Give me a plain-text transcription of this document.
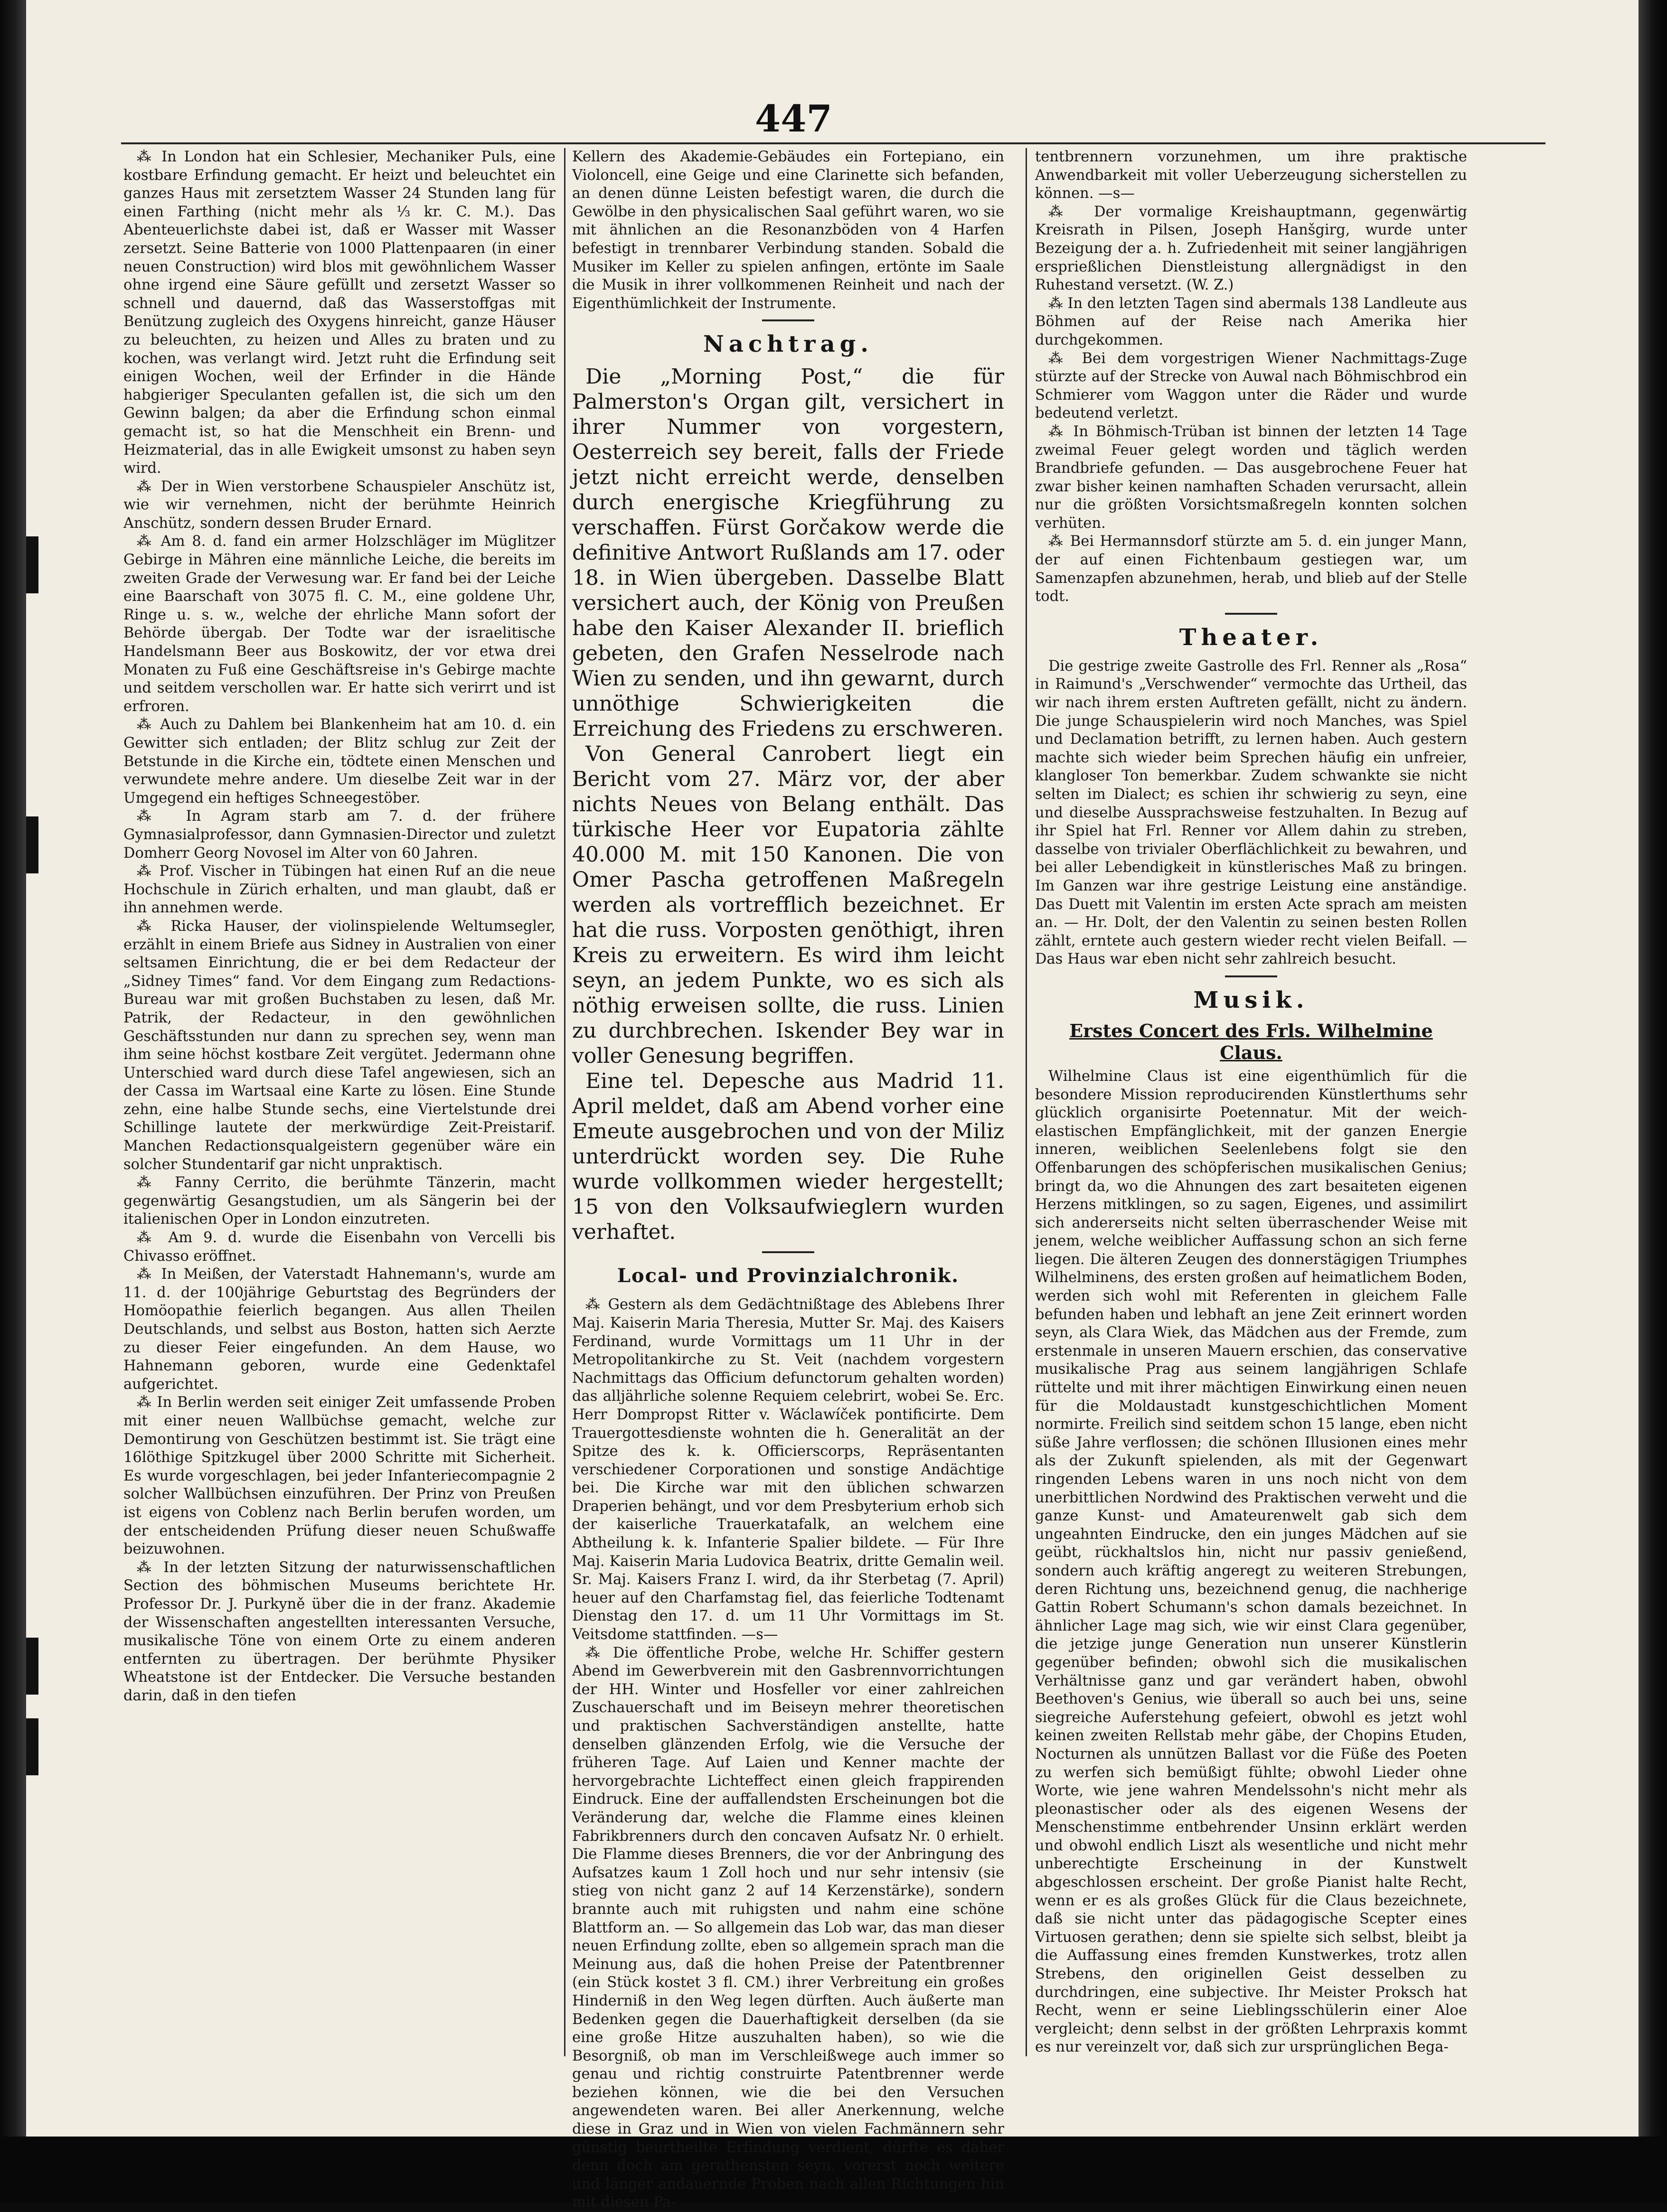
447

⁂ In London hat ein Schlesier, Mechaniker Puls, eine kostbare Erfindung gemacht. Er heizt und beleuchtet ein ganzes Haus mit zersetztem Wasser 24 Stunden lang für einen Farthing (nicht mehr als ⅓ kr. C. M.). Das Abenteuerlichste dabei ist, daß er Wasser mit Wasser zersetzt. Seine Batterie von 1000 Plattenpaaren (in einer neuen Construction) wird blos mit gewöhnlichem Wasser ohne irgend eine Säure gefüllt und zersetzt Wasser so schnell und dauernd, daß das Wasserstoffgas mit Benützung zugleich des Oxygens hinreicht, ganze Häuser zu beleuchten, zu heizen und Alles zu braten und zu kochen, was verlangt wird. Jetzt ruht die Erfindung seit einigen Wochen, weil der Erfinder in die Hände habgieriger Speculanten gefallen ist, die sich um den Gewinn balgen; da aber die Erfindung schon einmal gemacht ist, so hat die Menschheit ein Brenn- und Heizmaterial, das in alle Ewigkeit umsonst zu haben seyn wird.

⁂ Der in Wien verstorbene Schauspieler Anschütz ist, wie wir vernehmen, nicht der berühmte Heinrich Anschütz, sondern dessen Bruder Ernard.

⁂ Am 8. d. fand ein armer Holzschläger im Müglitzer Gebirge in Mähren eine männliche Leiche, die bereits im zweiten Grade der Verwesung war. Er fand bei der Leiche eine Baarschaft von 3075 fl. C. M., eine goldene Uhr, Ringe u. s. w., welche der ehrliche Mann sofort der Behörde übergab. Der Todte war der israelitische Handelsmann Beer aus Boskowitz, der vor etwa drei Monaten zu Fuß eine Geschäftsreise in's Gebirge machte und seitdem verschollen war. Er hatte sich verirrt und ist erfroren.

⁂ Auch zu Dahlem bei Blankenheim hat am 10. d. ein Gewitter sich entladen; der Blitz schlug zur Zeit der Betstunde in die Kirche ein, tödtete einen Menschen und verwundete mehre andere. Um dieselbe Zeit war in der Umgegend ein heftiges Schneegestöber.

⁂ In Agram starb am 7. d. der frühere Gymnasialprofessor, dann Gymnasien-Director und zuletzt Domherr Georg Novosel im Alter von 60 Jahren.

⁂ Prof. Vischer in Tübingen hat einen Ruf an die neue Hochschule in Zürich erhalten, und man glaubt, daß er ihn annehmen werde.

⁂ Ricka Hauser, der violinspielende Weltumsegler, erzählt in einem Briefe aus Sidney in Australien von einer seltsamen Einrichtung, die er bei dem Redacteur der „Sidney Times“ fand. Vor dem Eingang zum Redactions-Bureau war mit großen Buchstaben zu lesen, daß Mr. Patrik, der Redacteur, in den gewöhnlichen Geschäftsstunden nur dann zu sprechen sey, wenn man ihm seine höchst kostbare Zeit vergütet. Jedermann ohne Unterschied ward durch diese Tafel angewiesen, sich an der Cassa im Wartsaal eine Karte zu lösen. Eine Stunde zehn, eine halbe Stunde sechs, eine Viertelstunde drei Schillinge lautete der merkwürdige Zeit-Preistarif. Manchen Redactionsqualgeistern gegenüber wäre ein solcher Stundentarif gar nicht unpraktisch.

⁂ Fanny Cerrito, die berühmte Tänzerin, macht gegenwärtig Gesangstudien, um als Sängerin bei der italienischen Oper in London einzutreten.

⁂ Am 9. d. wurde die Eisenbahn von Vercelli bis Chivasso eröffnet.

⁂ In Meißen, der Vaterstadt Hahnemann's, wurde am 11. d. der 100jährige Geburtstag des Begründers der Homöopathie feierlich begangen. Aus allen Theilen Deutschlands, und selbst aus Boston, hatten sich Aerzte zu dieser Feier eingefunden. An dem Hause, wo Hahnemann geboren, wurde eine Gedenktafel aufgerichtet.

⁂ In Berlin werden seit einiger Zeit umfassende Proben mit einer neuen Wallbüchse gemacht, welche zur Demontirung von Geschützen bestimmt ist. Sie trägt eine 16löthige Spitzkugel über 2000 Schritte mit Sicherheit. Es wurde vorgeschlagen, bei jeder Infanteriecompagnie 2 solcher Wallbüchsen einzuführen. Der Prinz von Preußen ist eigens von Coblenz nach Berlin berufen worden, um der entscheidenden Prüfung dieser neuen Schußwaffe beizuwohnen.

⁂ In der letzten Sitzung der naturwissenschaftlichen Section des böhmischen Museums berichtete Hr. Professor Dr. J. Purkyně über die in der franz. Akademie der Wissenschaften angestellten interessanten Versuche, musikalische Töne von einem Orte zu einem anderen entfernten zu übertragen. Der berühmte Physiker Wheatstone ist der Entdecker. Die Versuche bestanden darin, daß in den tiefen

Kellern des Akademie-Gebäudes ein Fortepiano, ein Violoncell, eine Geige und eine Clarinette sich befanden, an denen dünne Leisten befestigt waren, die durch die Gewölbe in den physicalischen Saal geführt waren, wo sie mit ähnlichen an die Resonanzböden von 4 Harfen befestigt in trennbarer Verbindung standen. Sobald die Musiker im Keller zu spielen anfingen, ertönte im Saale die Musik in ihrer vollkommenen Reinheit und nach der Eigenthümlichkeit der Instrumente.

Nachtrag.

Die „Morning Post,“ die für Palmerston's Organ gilt, versichert in ihrer Nummer von vorgestern, Oesterreich sey bereit, falls der Friede jetzt nicht erreicht werde, denselben durch energische Kriegführung zu verschaffen. Fürst Gorčakow werde die definitive Antwort Rußlands am 17. oder 18. in Wien übergeben. Dasselbe Blatt versichert auch, der König von Preußen habe den Kaiser Alexander II. brieflich gebeten, den Grafen Nesselrode nach Wien zu senden, und ihn gewarnt, durch unnöthige Schwierigkeiten die Erreichung des Friedens zu erschweren.

Von General Canrobert liegt ein Bericht vom 27. März vor, der aber nichts Neues von Belang enthält. Das türkische Heer vor Eupatoria zählte 40.000 M. mit 150 Kanonen. Die von Omer Pascha getroffenen Maßregeln werden als vortrefflich bezeichnet. Er hat die russ. Vorposten genöthigt, ihren Kreis zu erweitern. Es wird ihm leicht seyn, an jedem Punkte, wo es sich als nöthig erweisen sollte, die russ. Linien zu durchbrechen. Iskender Bey war in voller Genesung begriffen.

Eine tel. Depesche aus Madrid 11. April meldet, daß am Abend vorher eine Emeute ausgebrochen und von der Miliz unterdrückt worden sey. Die Ruhe wurde vollkommen wieder hergestellt; 15 von den Volksaufwieglern wurden verhaftet.

Local- und Provinzialchronik.

⁂ Gestern als dem Gedächtnißtage des Ablebens Ihrer Maj. Kaiserin Maria Theresia, Mutter Sr. Maj. des Kaisers Ferdinand, wurde Vormittags um 11 Uhr in der Metropolitankirche zu St. Veit (nachdem vorgestern Nachmittags das Officium defunctorum gehalten worden) das alljährliche solenne Requiem celebrirt, wobei Se. Erc. Herr Dompropst Ritter v. Wáclawíček pontificirte. Dem Trauergottesdienste wohnten die h. Generalität an der Spitze des k. k. Officierscorps, Repräsentanten verschiedener Corporationen und sonstige Andächtige bei. Die Kirche war mit den üblichen schwarzen Draperien behängt, und vor dem Presbyterium erhob sich der kaiserliche Trauerkatafalk, an welchem eine Abtheilung k. k. Infanterie Spalier bildete. — Für Ihre Maj. Kaiserin Maria Ludovica Beatrix, dritte Gemalin weil. Sr. Maj. Kaisers Franz I. wird, da ihr Sterbetag (7. April) heuer auf den Charfamstag fiel, das feierliche Todtenamt Dienstag den 17. d. um 11 Uhr Vormittags im St. Veitsdome stattfinden. —s—

⁂ Die öffentliche Probe, welche Hr. Schiffer gestern Abend im Gewerbverein mit den Gasbrennvorrichtungen der HH. Winter und Hosfeller vor einer zahlreichen Zuschauerschaft und im Beiseyn mehrer theoretischen und praktischen Sachverständigen anstellte, hatte denselben glänzenden Erfolg, wie die Versuche der früheren Tage. Auf Laien und Kenner machte der hervorgebrachte Lichteffect einen gleich frappirenden Eindruck. Eine der auffallendsten Erscheinungen bot die Veränderung dar, welche die Flamme eines kleinen Fabrikbrenners durch den concaven Aufsatz Nr. 0 erhielt. Die Flamme dieses Brenners, die vor der Anbringung des Aufsatzes kaum 1 Zoll hoch und nur sehr intensiv (sie stieg von nicht ganz 2 auf 14 Kerzenstärke), sondern brannte auch mit ruhigsten und nahm eine schöne Blattform an. — So allgemein das Lob war, das man dieser neuen Erfindung zollte, eben so allgemein sprach man die Meinung aus, daß die hohen Preise der Patentbrenner (ein Stück kostet 3 fl. CM.) ihrer Verbreitung ein großes Hinderniß in den Weg legen dürften. Auch äußerte man Bedenken gegen die Dauerhaftigkeit derselben (da sie eine große Hitze auszuhalten haben), so wie die Besorgniß, ob man im Verschleißwege auch immer so genau und richtig construirte Patentbrenner werde beziehen können, wie die bei den Versuchen angewendeten waren. Bei aller Anerkennung, welche diese in Graz und in Wien von vielen Fachmännern sehr günstig beurtheilte Erfindung verdient, dürfte es daher denn doch am gerathensten seyn, vorerst noch weitere und länger andauernde Proben nach allen Richtungen hin mit diesen Pa-

tentbrennern vorzunehmen, um ihre praktische Anwendbarkeit mit voller Ueberzeugung sicherstellen zu können. —s—

⁂ Der vormalige Kreishauptmann, gegenwärtig Kreisrath in Pilsen, Joseph Hanšgirg, wurde unter Bezeigung der a. h. Zufriedenheit mit seiner langjährigen ersprießlichen Dienstleistung allergnädigst in den Ruhestand versetzt. (W. Z.)

⁂ In den letzten Tagen sind abermals 138 Landleute aus Böhmen auf der Reise nach Amerika hier durchgekommen.

⁂ Bei dem vorgestrigen Wiener Nachmittags-Zuge stürzte auf der Strecke von Auwal nach Böhmischbrod ein Schmierer vom Waggon unter die Räder und wurde bedeutend verletzt.

⁂ In Böhmisch-Trüban ist binnen der letzten 14 Tage zweimal Feuer gelegt worden und täglich werden Brandbriefe gefunden. — Das ausgebrochene Feuer hat zwar bisher keinen namhaften Schaden verursacht, allein nur die größten Vorsichtsmaßregeln konnten solchen verhüten.

⁂ Bei Hermannsdorf stürzte am 5. d. ein junger Mann, der auf einen Fichtenbaum gestiegen war, um Samenzapfen abzunehmen, herab, und blieb auf der Stelle todt.

Theater.

Die gestrige zweite Gastrolle des Frl. Renner als „Rosa“ in Raimund's „Verschwender“ vermochte das Urtheil, das wir nach ihrem ersten Auftreten gefällt, nicht zu ändern. Die junge Schauspielerin wird noch Manches, was Spiel und Declamation betrifft, zu lernen haben. Auch gestern machte sich wieder beim Sprechen häufig ein unfreier, klangloser Ton bemerkbar. Zudem schwankte sie nicht selten im Dialect; es schien ihr schwierig zu seyn, eine und dieselbe Aussprachsweise festzuhalten. In Bezug auf ihr Spiel hat Frl. Renner vor Allem dahin zu streben, dasselbe von trivialer Oberflächlichkeit zu bewahren, und bei aller Lebendigkeit in künstlerisches Maß zu bringen. Im Ganzen war ihre gestrige Leistung eine anständige. Das Duett mit Valentin im ersten Acte sprach am meisten an. — Hr. Dolt, der den Valentin zu seinen besten Rollen zählt, erntete auch gestern wieder recht vielen Beifall. — Das Haus war eben nicht sehr zahlreich besucht.

Musik.
Erstes Concert des Frls. Wilhelmine Claus.

Wilhelmine Claus ist eine eigenthümlich für die besondere Mission reproducirenden Künstlerthums sehr glücklich organisirte Poetennatur. Mit der weich-elastischen Empfänglichkeit, mit der ganzen Energie inneren, weiblichen Seelenlebens folgt sie den Offenbarungen des schöpferischen musikalischen Genius; bringt da, wo die Ahnungen des zart besaiteten eigenen Herzens mitklingen, so zu sagen, Eigenes, und assimilirt sich andererseits nicht selten überraschender Weise mit jenem, welche weiblicher Auffassung schon an sich ferne liegen. Die älteren Zeugen des donnerstägigen Triumphes Wilhelminens, des ersten großen auf heimatlichem Boden, werden sich wohl mit Referenten in gleichem Falle befunden haben und lebhaft an jene Zeit erinnert worden seyn, als Clara Wiek, das Mädchen aus der Fremde, zum erstenmale in unseren Mauern erschien, das conservative musikalische Prag aus seinem langjährigen Schlafe rüttelte und mit ihrer mächtigen Einwirkung einen neuen für die Moldaustadt kunstgeschichtlichen Moment normirte. Freilich sind seitdem schon 15 lange, eben nicht süße Jahre verflossen; die schönen Illusionen eines mehr als der Zukunft spielenden, als mit der Gegenwart ringenden Lebens waren in uns noch nicht von dem unerbittlichen Nordwind des Praktischen verweht und die ganze Kunst- und Amateurenwelt gab sich dem ungeahnten Eindrucke, den ein junges Mädchen auf sie geübt, rückhaltslos hin, nicht nur passiv genießend, sondern auch kräftig angeregt zu weiteren Strebungen, deren Richtung uns, bezeichnend genug, die nachherige Gattin Robert Schumann's schon damals bezeichnet. In ähnlicher Lage mag sich, wie wir einst Clara gegenüber, die jetzige junge Generation nun unserer Künstlerin gegenüber befinden; obwohl sich die musikalischen Verhältnisse ganz und gar verändert haben, obwohl Beethoven's Genius, wie überall so auch bei uns, seine siegreiche Auferstehung gefeiert, obwohl es jetzt wohl keinen zweiten Rellstab mehr gäbe, der Chopins Etuden, Nocturnen als unnützen Ballast vor die Füße des Poeten zu werfen sich bemüßigt fühlte; obwohl Lieder ohne Worte, wie jene wahren Mendelssohn's nicht mehr als pleonastischer oder als des eigenen Wesens der Menschenstimme entbehrender Unsinn erklärt werden und obwohl endlich Liszt als wesentliche und nicht mehr unberechtigte Erscheinung in der Kunstwelt abgeschlossen erscheint. Der große Pianist halte Recht, wenn er es als großes Glück für die Claus bezeichnete, daß sie nicht unter das pädagogische Scepter eines Virtuosen gerathen; denn sie spielte sich selbst, bleibt ja die Auffassung eines fremden Kunstwerkes, trotz allen Strebens, den originellen Geist desselben zu durchdringen, eine subjective. Ihr Meister Proksch hat Recht, wenn er seine Lieblingsschülerin einer Aloe vergleicht; denn selbst in der größten Lehrpraxis kommt es nur vereinzelt vor, daß sich zur ursprünglichen Bega-
